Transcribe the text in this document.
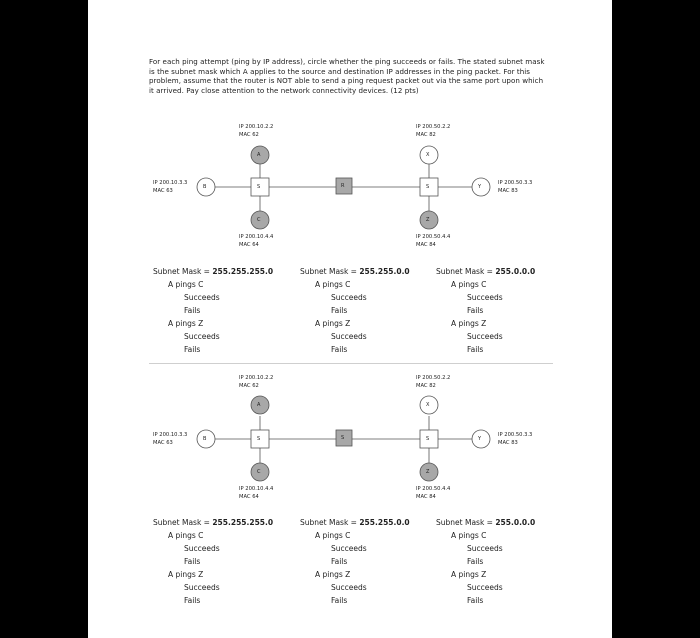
For each ping attempt (ping by IP address), circle whether the ping succeeds or fails. The stated subnet mask is the subnet mask which A applies to the source and destination IP addresses in the ping packet. For this problem, assume that the router is NOT able to send a ping request packet out via the same port upon which it arrived. Pay close attention to the network connectivity devices. (12 pts)
A
C
B
X
Z
Y
S	S
R
IP 200.10.2.2
MAC 62
IP 200.10.4.4
MAC 64
IP 200.10.3.3
MAC 63
IP 200.50.2.2
MAC 82
IP 200.50.4.4
MAC 84
IP 200.50.3.3
MAC 83
Subnet Mask = 255.255.255.0
A pings C
Succeeds
Fails
A pings Z
Succeeds
Fails
Subnet Mask = 255.255.0.0
A pings C
Succeeds
Fails
A pings Z
Succeeds
Fails
Subnet Mask = 255.0.0.0
A pings C
Succeeds
Fails
A pings Z
Succeeds
Fails
A
C
B
X
Z
Y
S	S
S
IP 200.10.2.2
MAC 62
IP 200.10.4.4
MAC 64
IP 200.10.3.3
MAC 63
IP 200.50.2.2
MAC 82
IP 200.50.4.4
MAC 84
IP 200.50.3.3
MAC 83
Subnet Mask = 255.255.255.0
A pings C
Succeeds
Fails
A pings Z
Succeeds
Fails
Subnet Mask = 255.255.0.0
A pings C
Succeeds
Fails
A pings Z
Succeeds
Fails
Subnet Mask = 255.0.0.0
A pings C
Succeeds
Fails
A pings Z
Succeeds
Fails
